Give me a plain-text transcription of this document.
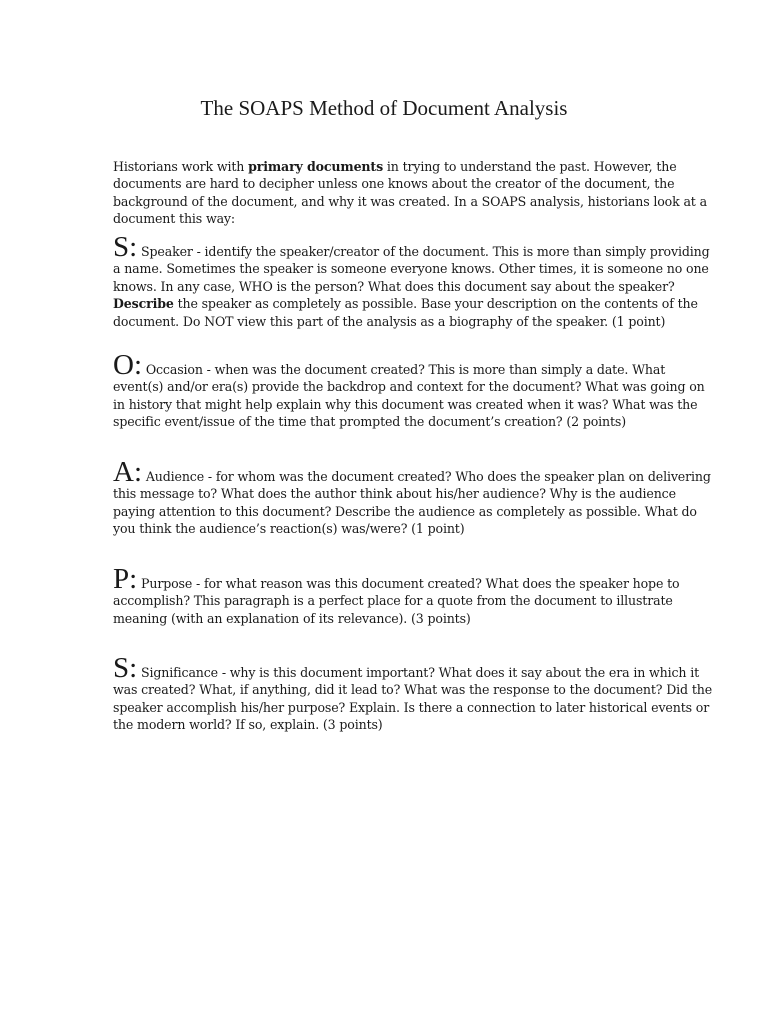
The SOAPS Method of Document Analysis
Historians work with primary documents in trying to understand the past. However, the documents are hard to decipher unless one knows about the creator of the document, the background of the document, and why it was created. In a SOAPS analysis, historians look at a document this way:
S: Speaker - identify the speaker/creator of the document. This is more than simply providing a name. Sometimes the speaker is someone everyone knows. Other times, it is someone no one knows. In any case, WHO is the person? What does this document say about the speaker? Describe the speaker as completely as possible. Base your description on the contents of the document. Do NOT view this part of the analysis as a biography of the speaker. (1 point)
O: Occasion - when was the document created? This is more than simply a date. What event(s) and/or era(s) provide the backdrop and context for the document? What was going on in history that might help explain why this document was created when it was? What was the specific event/issue of the time that prompted the document’s creation? (2 points)
A: Audience - for whom was the document created? Who does the speaker plan on delivering this message to? What does the author think about his/her audience? Why is the audience paying attention to this document? Describe the audience as completely as possible. What do you think the audience’s reaction(s) was/were? (1 point)
P: Purpose - for what reason was this document created? What does the speaker hope to accomplish? This paragraph is a perfect place for a quote from the document to illustrate meaning (with an explanation of its relevance). (3 points)
S: Significance - why is this document important? What does it say about the era in which it was created? What, if anything, did it lead to? What was the response to the document? Did the speaker accomplish his/her purpose? Explain. Is there a connection to later historical events or the modern world? If so, explain. (3 points)
